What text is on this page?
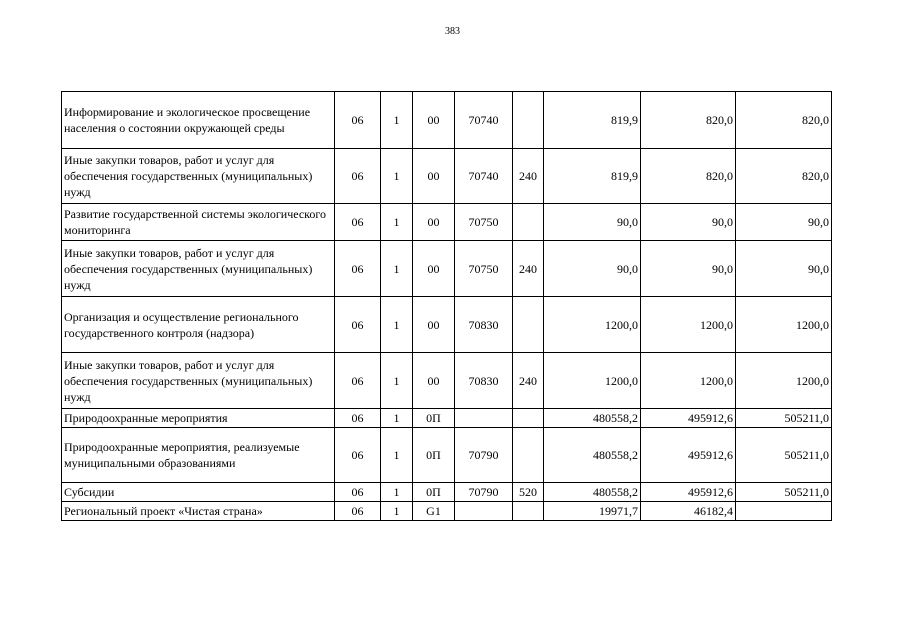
383
Информирование и экологическое просвещение населения о состоянии окружающей среды	06	1	00	70740		819,9	820,0	820,0
Иные закупки товаров, работ и услуг для обеспечения государственных (муниципальных) нужд	06	1	00	70740	240	819,9	820,0	820,0
Развитие государственной системы экологического мониторинга	06	1	00	70750		90,0	90,0	90,0
Иные закупки товаров, работ и услуг для обеспечения государственных (муниципальных) нужд	06	1	00	70750	240	90,0	90,0	90,0
Организация и осуществление регионального государственного контроля (надзора)	06	1	00	70830		1200,0	1200,0	1200,0
Иные закупки товаров, работ и услуг для обеспечения государственных (муниципальных) нужд	06	1	00	70830	240	1200,0	1200,0	1200,0
Природоохранные мероприятия	06	1	0П			480558,2	495912,6	505211,0
Природоохранные мероприятия, реализуемые муниципальными образованиями	06	1	0П	70790		480558,2	495912,6	505211,0
Субсидии	06	1	0П	70790	520	480558,2	495912,6	505211,0
Региональный проект «Чистая страна»	06	1	G1			19971,7	46182,4	
